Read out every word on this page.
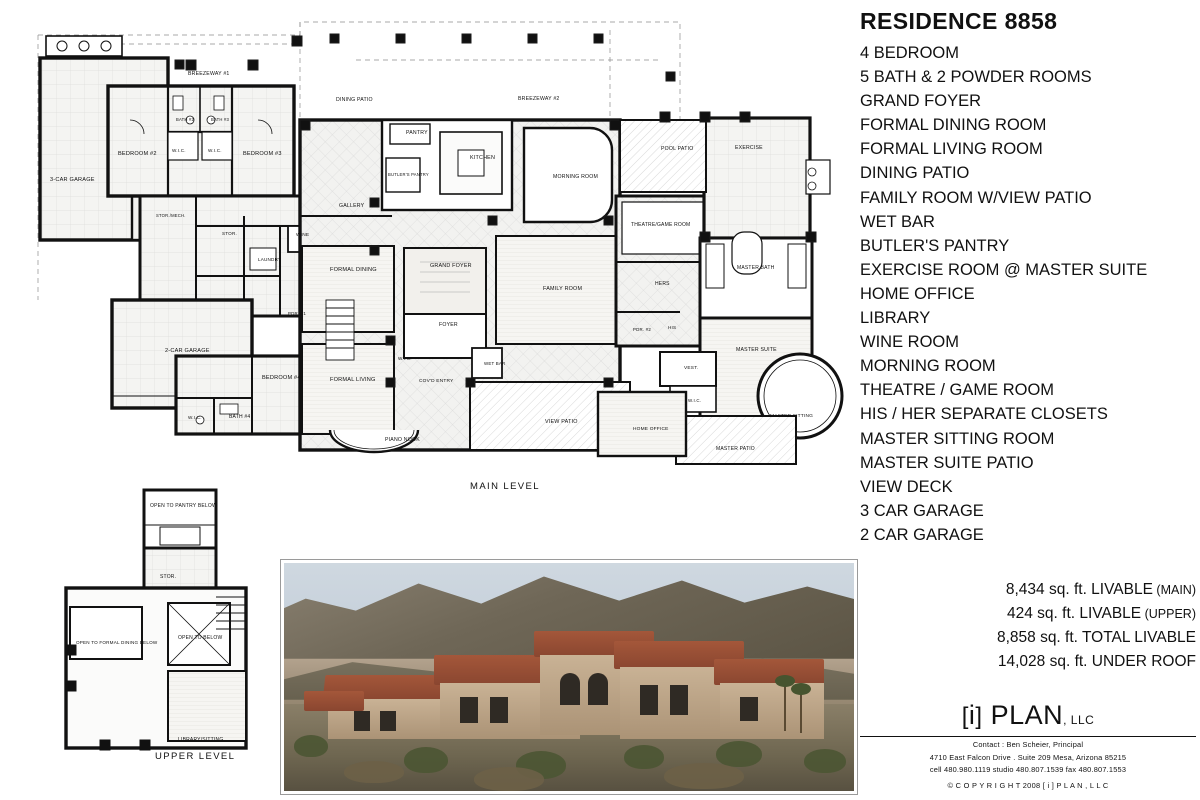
BREEZEWAY #1
DINING PATIO	BREEZEWAY #2
BEDROOM #2	BEDROOM #3
W.I.C.	W.I.C.
BATH #2	BATH #3
3-CAR GARAGE
2-CAR GARAGE
STOR./MECH.
STOR.
LAUNDRY
WINE
PDR. #1
GALLERY
PANTRY
KITCHEN
BUTLER'S PANTRY	MORNING ROOM
POOL PATIO	EXERCISE
THEATRE/GAME ROOM
MASTER BATH
HERS
HIS
PDR. #2
FORMAL DINING
GRAND FOYER
FAMILY ROOM
FOYER
W.I.C.
WET BAR
COV'D ENTRY
FORMAL LIVING
BEDROOM #4
W.I.C.	BATH #4
PIANO NOOK
VIEW PATIO
HOME OFFICE
VEST.
W.I.C.
MASTER SUITE
MASTER SITTING
MASTER PATIO
MAIN LEVEL
OPEN TO PANTRY BELOW
STOR.
OPEN TO FORMAL DINING BELOW
OPEN TO BELOW
LIBRARY/SITTING
UPPER LEVEL
RESIDENCE 8858
4 BEDROOM
5 BATH & 2 POWDER ROOMS
GRAND FOYER
FORMAL DINING ROOM
FORMAL LIVING ROOM
DINING PATIO
FAMILY ROOM W/VIEW PATIO
WET BAR
BUTLER'S PANTRY
EXERCISE ROOM @ MASTER SUITE
HOME OFFICE
LIBRARY
WINE ROOM
MORNING ROOM
THEATRE / GAME ROOM
HIS / HER SEPARATE CLOSETS
MASTER SITTING ROOM
MASTER SUITE PATIO
VIEW DECK
3 CAR GARAGE
2 CAR GARAGE
8,434 sq. ft. LIVABLE (MAIN)
424 sq. ft. LIVABLE (UPPER)
8,858 sq. ft. TOTAL LIVABLE
14,028 sq. ft. UNDER ROOF
[i] PLAN, LLC
Contact : Ben Scheier, Principal
4710 East Falcon Drive . Suite 209 Mesa, Arizona 85215
cell 480.980.1119 studio 480.807.1539 fax 480.807.1553
© C O P Y R I G H T 2008 [ i ] P L A N , L L C
